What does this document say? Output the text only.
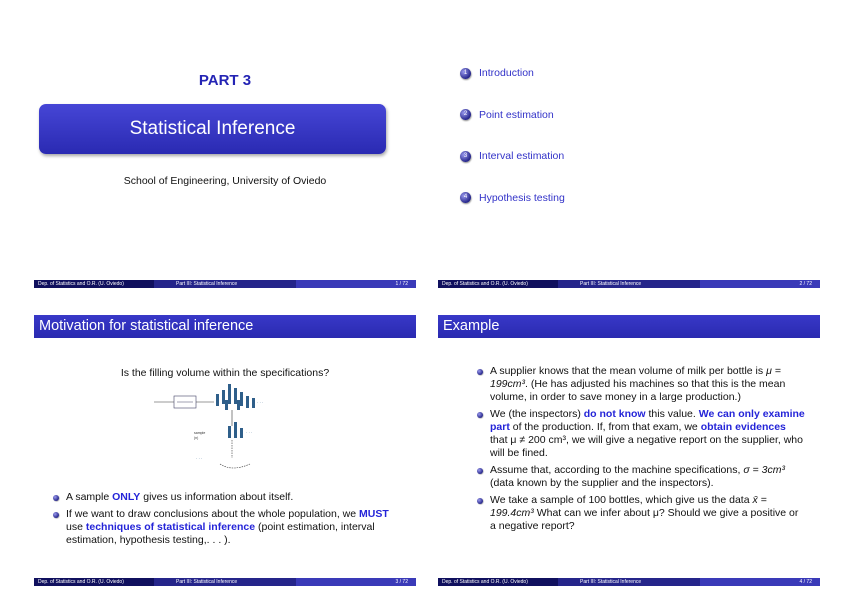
PART 3
Statistical Inference
School of Engineering, University of Oviedo
Dep. of Statistics and O.R. (U. Oviedo)	Part III: Statistical Inference	1 / 72
1	Introduction
2	Point estimation
3	Interval estimation
4	Hypothesis testing
Dep. of Statistics and O.R. (U. Oviedo)	Part III: Statistical Inference	2 / 72
Motivation for statistical inference
Is the filling volume within the specifications?
· · ·
sample
(n)
· · ·
· · ·
A sample ONLY gives us information about itself.
If we want to draw conclusions about the whole population, we MUST use techniques of statistical inference (point estimation, interval estimation, hypothesis testing,. . . ).
Dep. of Statistics and O.R. (U. Oviedo)	Part III: Statistical Inference	3 / 72
Example
A supplier knows that the mean volume of milk per bottle is μ = 199cm³. (He has adjusted his machines so that this is the mean volume, in order to save money in a large production.)
We (the inspectors) do not know this value. We can only examine part of the production. If, from that exam, we obtain evidences that μ ≠ 200 cm³, we will give a negative report on the supplier, who will be fined.
Assume that, according to the machine specifications, σ = 3cm³ (data known by the supplier and the inspectors).
We take a sample of 100 bottles, which give us the data x̄ = 199.4cm³ What can we infer about μ? Should we give a positive or a negative report?
Dep. of Statistics and O.R. (U. Oviedo)	Part III: Statistical Inference	4 / 72
